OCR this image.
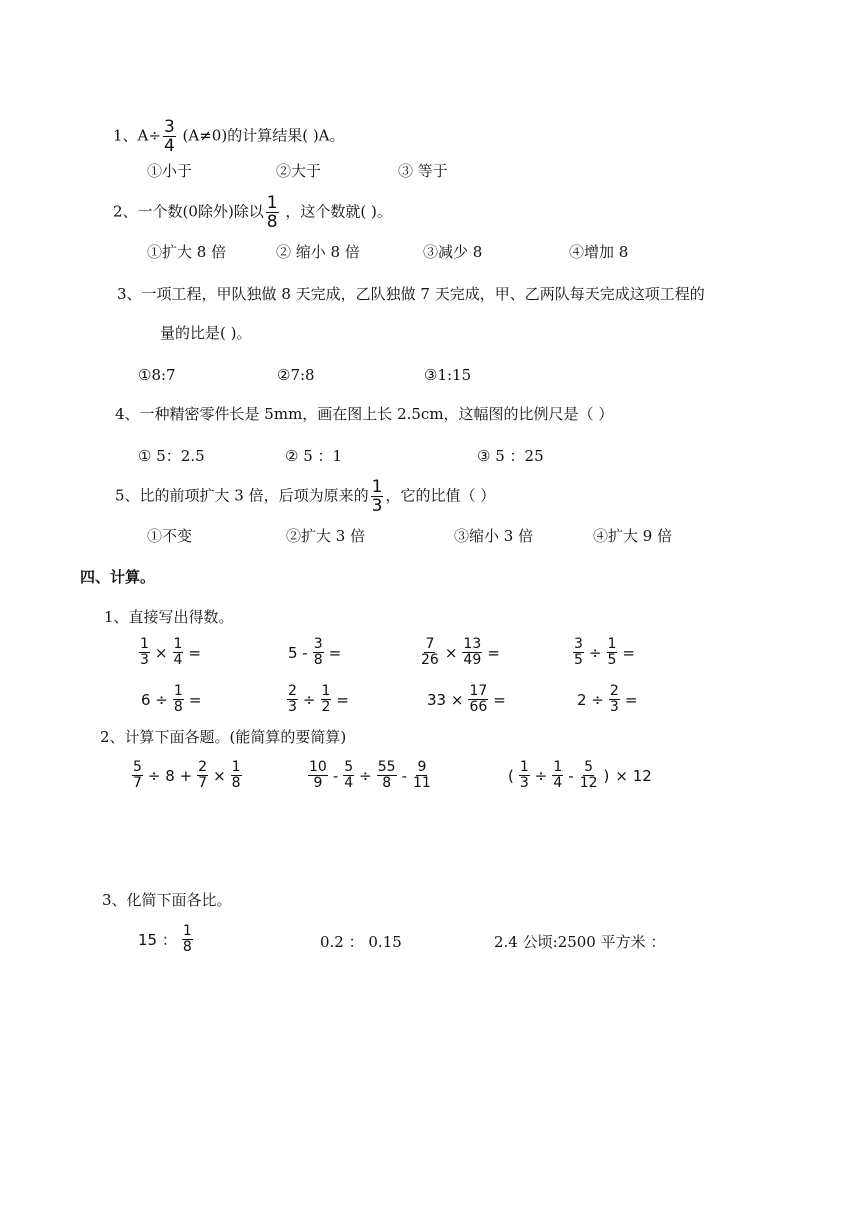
1、$A\div \frac{3}{4} (A\ne 0)$的计算结果( )A。
①小于	②大于	③ 等于
2、一个数(0除外)除以 $\frac{1}{8}$ ，这个数就( )。
①扩大 8 倍	② 缩小 8 倍	③减少 8	④增加 8
3、一项工程，甲队独做 8 天完成，乙队独做 7 天完成，甲、乙两队每天完成这项工程的
量的比是( )。
①8:7	②7:8	③1:15
4、一种精密零件长是 5mm，画在图上长 2.5cm，这幅图的比例尺是（ ）
① 5：2.5	② 5 ：1	③ 5 ：25
5、比的前项扩大 3 倍，后项为原来的 $\frac{1}{3}$ ，它的比值（ ）
①不变	②扩大 3 倍	③缩小 3 倍	④扩大 9 倍
四、计算。
1、直接写出得数。
$\frac{1}{3} \times \frac{1}{4}$ =	$5 - \frac{3}{8}$ =	$\frac{7}{26} \times \frac{13}{49}$ =	$\frac{3}{5} \div \frac{1}{5}$ =
$6 \div \frac{1}{8}$ =	$\frac{2}{3} \div \frac{1}{2}$ =	$33 \times \frac{17}{66}$ =	$2 \div \frac{2}{3}$ =
2、计算下面各题。(能简算的要简算)
$\frac{5}{7} \div 8 + \frac{2}{7} \times \frac{1}{8}$	$\frac{10}{9} - \frac{5}{4} \div \frac{55}{8} - \frac{9}{11}$	( $\frac{1}{3} \div \frac{1}{4} - \frac{5}{12}$ ) × 12
3、化简下面各比。
15 ： $\frac{1}{8}$	0.2 ： 0.15	2.4 公顷:2500 平方米 ：
